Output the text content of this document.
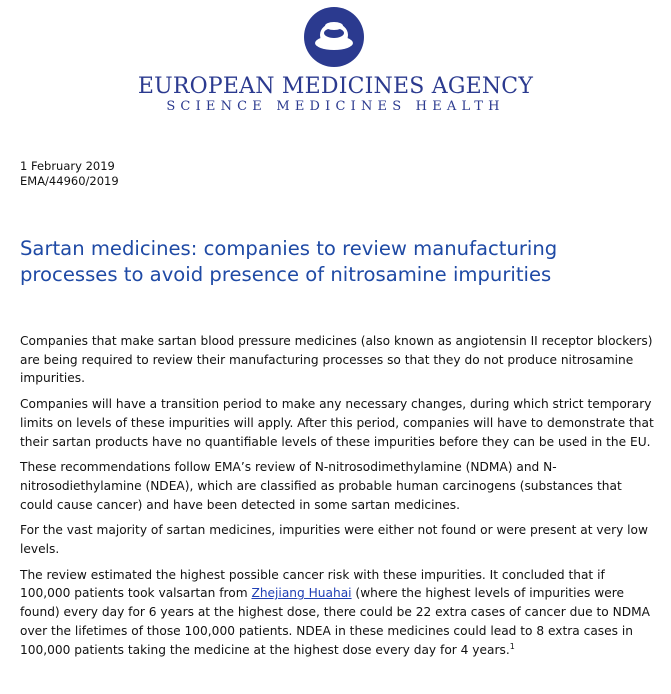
EUROPEAN MEDICINES AGENCY
SCIENCE MEDICINES HEALTH
1 February 2019
EMA/44960/2019
Sartan medicines: companies to review manufacturing processes to avoid presence of nitrosamine impurities

Companies that make sartan blood pressure medicines (also known as angiotensin II receptor blockers) are being required to review their manufacturing processes so that they do not produce nitrosamine impurities.

Companies will have a transition period to make any necessary changes, during which strict temporary limits on levels of these impurities will apply. After this period, companies will have to demonstrate that their sartan products have no quantifiable levels of these impurities before they can be used in the EU.

These recommendations follow EMA’s review of N-nitrosodimethylamine (NDMA) and N-nitrosodiethylamine (NDEA), which are classified as probable human carcinogens (substances that could cause cancer) and have been detected in some sartan medicines.

For the vast majority of sartan medicines, impurities were either not found or were present at very low levels.

The review estimated the highest possible cancer risk with these impurities. It concluded that if 100,000 patients took valsartan from Zhejiang Huahai (where the highest levels of impurities were found) every day for 6 years at the highest dose, there could be 22 extra cases of cancer due to NDMA over the lifetimes of those 100,000 patients. NDEA in these medicines could lead to 8 extra cases in 100,000 patients taking the medicine at the highest dose every day for 4 years.$^1$
